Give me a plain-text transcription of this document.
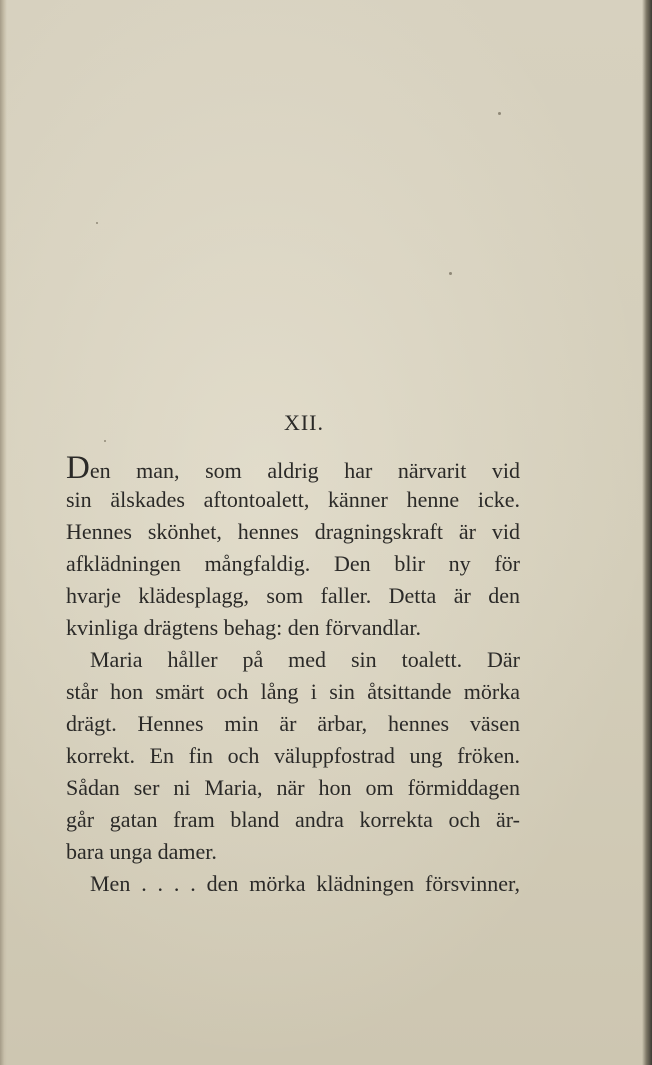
XII.
Den man, som aldrig har närvarit vid
sin älskades aftontoalett, känner henne icke.
Hennes skönhet, hennes dragningskraft är vid
afklädningen mångfaldig. Den blir ny för
hvarje klädesplagg, som faller. Detta är den
kvinliga drägtens behag: den förvandlar.
Maria håller på med sin toalett. Där
står hon smärt och lång i sin åtsittande mörka
drägt. Hennes min är ärbar, hennes väsen
korrekt. En fin och väluppfostrad ung fröken.
Sådan ser ni Maria, när hon om förmiddagen
går gatan fram bland andra korrekta och är-
bara unga damer.
Men . . . . den mörka klädningen försvinner,
